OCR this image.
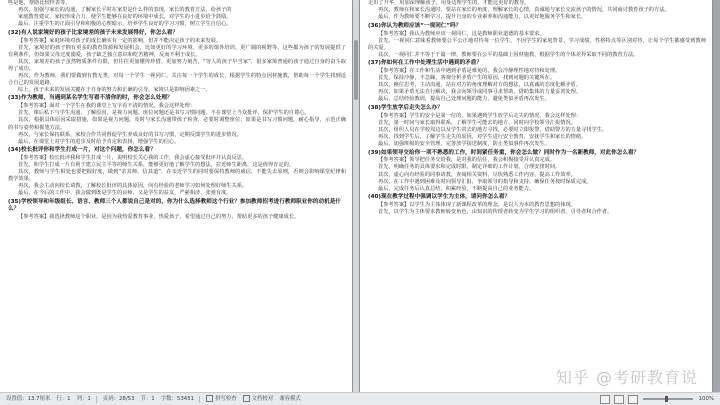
些是他，帮助比较样表等。

再次，加强与家长的沟通，了解家长平时在家里是什么样的表现，家长的教育方法，给孩子的

家庭教育建议，家校形成合力，使学生能够在良好的环境中成长，对学生的小进步给予鼓励。

最后，注重学生的正面引导和积极的心理暗示，培养学生良好的学习习惯，树立学生自信心。

(32)有人说家境好的孩子比家境差的孩子未来发展得好，你怎么看？

【参考答案】家庭环境对孩子的成长确实有一定的影响，但并不能决定孩子的未来发展。

首先，家境好的孩子拥有更多的教育资源和发展机会，比如更好的学习环境、更多的课外培训、更广阔的视野等，这些都为孩子的发展提供了有利条件，但如果父母过度溺爱，孩子缺乏独立意识和吃苦精神，反而不利于成长。

其次，家境差的孩子虽然物质条件有限，但往往更加懂得珍惜、更加努力刻苦，“穷人的孩子早当家”，很多家境普通的孩子通过自身的奋斗取得了成功。

再次，作为教师，我们要做到有教无类，对每一个学生一视同仁，关注每一个学生的成长，根据学生的特点因材施教，帮助每一个学生找到适合自己的发展道路。

综上，孩子未来的发展关键在于自身的努力和正确的引导，家境只是影响因素之一。

(33)作为教师，当遇到某名学生写看不清你的时，你会怎么处理？

【参考答案】面对一个学生在我的课堂上写字看不清的情况，我会这样处理：

首先，课后私下与学生沟通，了解原因，是视力问题、座位问题还是书写习惯问题，不在课堂上当众批评，保护学生的自尊心。

其次，根据具体原因采取措施，如果是视力问题，及时与家长沟通带孩子检查，必要时调整座位；如果是书写习惯问题，耐心指导，示范正确的书写姿势和握笔方法。

再次，与家长保持联系，家校合作共同督促学生养成良好的书写习惯，定期反馈学生的进步情况。

最后，在课堂上对学生的进步及时给予肯定和表扬，增强学生的信心。

(34)校长批评你和学生打成一片，对这个问题，你怎么看？

【参考答案】校长批评我和学生打成一片，说明校长关心我的工作，我会虚心接受批评并认真反思。

首先，和学生打成一片有利于建立民主平等的师生关系，能够更好地了解学生的想法，拉近师生距离，这是值得肯定的。

其次，教师与学生相处也要把握好度，做到“亲其师，信其道”，在亲近学生的同时要保持教师的威信，不能失去原则，否则会影响课堂纪律和教学效果。

再次，我会主动向校长请教，了解校长批评的具体原因，向有经验的老师学习如何处理好师生关系。

最后，在今后的工作中，我会做到既是学生的良师，又是学生的益友，严慈相济，张弛有度。

(35)学校领导和年级组长、语言、教师三个人都说自己是对的，你为什么选择教师这个行业？参加教师招考进行教师职业你的动机是什么？

【参考答案】我选择教师这个职业，是因为我热爱教育事业，热爱孩子，希望通过自己的努力，帮助更多的孩子健康成长。

走出了升华，用加深理解孩子，用身边理学生的，才能比更好的教导。

再次，教师在和家长沟通时，要站在家长的角度，理解家长的心情，真诚地与家长交流孩子的情况，共同商讨教育孩子的方法。

最后，作为教师要不断学习，提升自身的专业素养和沟通能力，以更好地服务学生和家长。

(36)你认为教师应该“一视同仁”吗？

【参考答案】我认为教师应该一视同仁，这是教师职业道德的基本要求。

首先，一视同仁意味着教师要公平公正地对待每一位学生，不因学生的家庭背景、学习成绩、性格特点等区别对待，让每个学生都感受到教师的关爱。

其次，一视同仁并不等于千篇一律，教师要在公平的基础上因材施教，根据学生的个体差异采取不同的教育方法。

(37)你如何在工作中处理生活中遇到的矛盾？

【参考答案】在工作和生活中遇到矛盾是难免的，我会冷静理性地对待和处理。

首先，保持冷静，不急躁，客观分析矛盾产生的原因，找到问题的关键所在。

其次，换位思考，主动沟通，站在对方的角度理解对方的想法，以真诚的态度化解矛盾。

再次，如果矛盾无法自行解决，我会向领导或同事寻求帮助，借助集体的力量妥善处理。

最后，总结经验教训，提高自己处理问题的能力，避免类似矛盾再次发生。

(38)学生放学后走失怎么办？

【参考答案】学生的安全是第一位的，如果遇到学生放学后走失的情况，我会这样处理：

首先，第一时间与家长取得联系，了解学生可能去的地方，同时向学校领导汇报情况。

其次，组织人员在学校周边以及学生常去的地方寻找，必要时立即报警，借助警方的力量寻找学生。

再次，找到学生后，了解学生走失的原因，对学生进行安全教育，安抚学生和家长的情绪。

最后，加强班级的安全管理，完善放学接送制度，防止类似事件再次发生。

(39)如果领导交给你一项不熟悉的工作，时间紧任务重，你会怎么做？同时作为一名新教师，对此你怎么看？

【参考答案】领导把任务交给我，是对我的信任，我会积极接受并认真完成。

首先，明确任务的具体要求和完成时限，制定详细的工作计划，合理安排时间。

其次，虚心向有经验的同事请教，查阅相关资料，尽快熟悉工作内容，提高工作效率。

再次，在工作中遇到困难及时向领导汇报，争取领导的指导和支持，确保任务按时保质完成。

最后，完成任务后认真总结，积累经验，不断提高自己的业务能力。

(40)现在教学过程中强调以学生为主体，请问你怎么看？

【参考答案】以学生为主体体现了新课程改革的理念，是以人为本的教育思想的体现。

首先，以学生为主体要求教师转变角色，由知识的传授者转变为学生学习的组织者、引导者和合作者。

知乎 @考研教育说
设置值：13.7厘米 行：1 列：1 页码：28/53 节：1 字数：53451	拼写检查	文档校对 兼容模式	100%
